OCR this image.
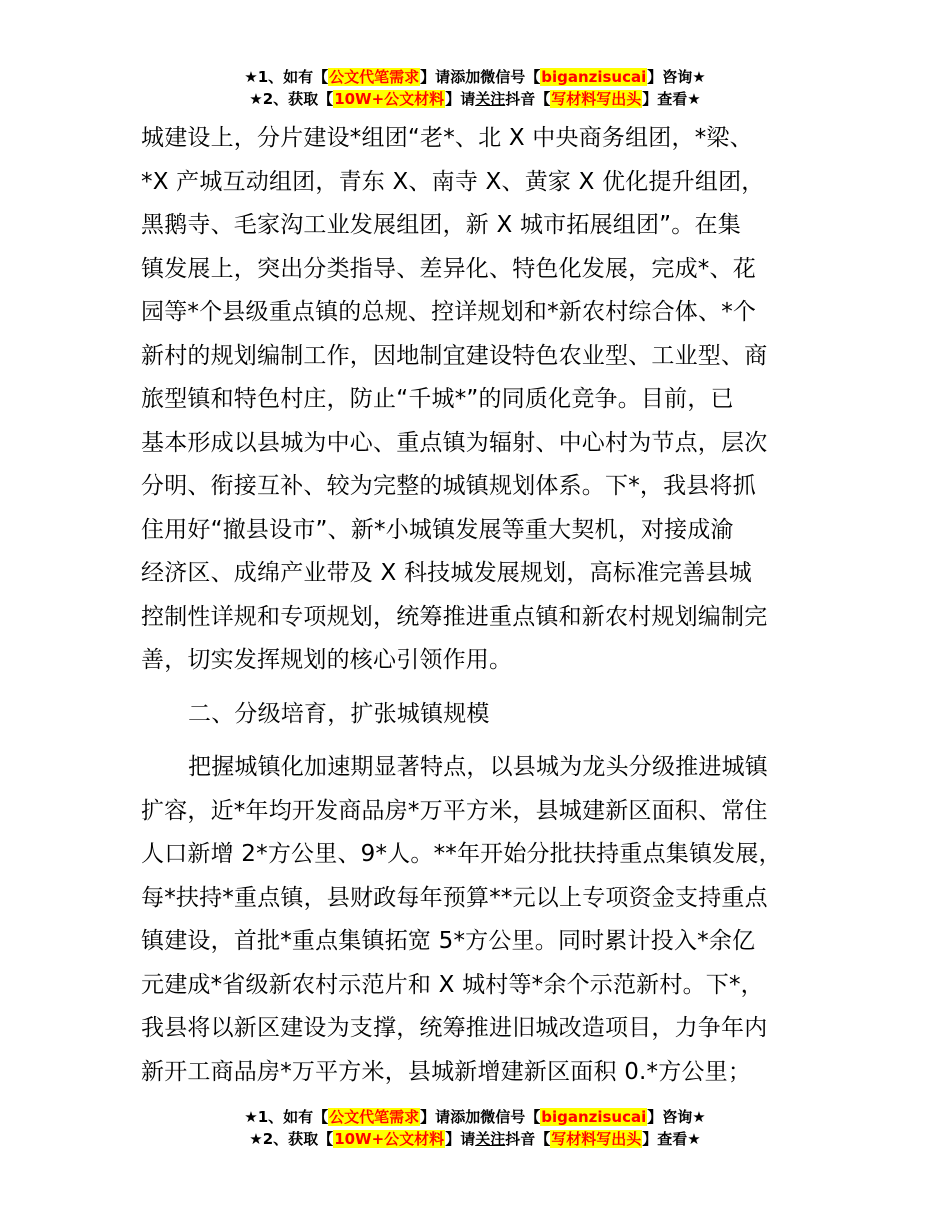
★1、如有【公文代笔需求】请添加微信号【biganzisucai】咨询★
★2、获取【10W+公文材料】请关注抖音【写材料写出头】查看★
城建设上，分片建设*组团“老*、北 X 中央商务组团，*梁、
*X 产城互动组团，青东 X、南寺 X、黄家 X 优化提升组团，
黑鹅寺、毛家沟工业发展组团，新 X 城市拓展组团”。在集
镇发展上，突出分类指导、差异化、特色化发展，完成*、花
园等*个县级重点镇的总规、控详规划和*新农村综合体、*个
新村的规划编制工作，因地制宜建设特色农业型、工业型、商
旅型镇和特色村庄，防止“千城*”的同质化竞争。目前，已
基本形成以县城为中心、重点镇为辐射、中心村为节点，层次
分明、衔接互补、较为完整的城镇规划体系。下*，我县将抓
住用好“撤县设市”、新*小城镇发展等重大契机，对接成渝
经济区、成绵产业带及 X 科技城发展规划，高标准完善县城
控制性详规和专项规划，统筹推进重点镇和新农村规划编制完
善，切实发挥规划的核心引领作用。
二、分级培育，扩张城镇规模
把握城镇化加速期显著特点，以县城为龙头分级推进城镇
扩容，近*年均开发商品房*万平方米，县城建新区面积、常住
人口新增 2*方公里、9*人。**年开始分批扶持重点集镇发展，
每*扶持*重点镇，县财政每年预算**元以上专项资金支持重点
镇建设，首批*重点集镇拓宽 5*方公里。同时累计投入*余亿
元建成*省级新农村示范片和 X 城村等*余个示范新村。下*，
我县将以新区建设为支撑，统筹推进旧城改造项目，力争年内
新开工商品房*万平方米，县城新增建新区面积 0.*方公里；
★1、如有【公文代笔需求】请添加微信号【biganzisucai】咨询★
★2、获取【10W+公文材料】请关注抖音【写材料写出头】查看★
